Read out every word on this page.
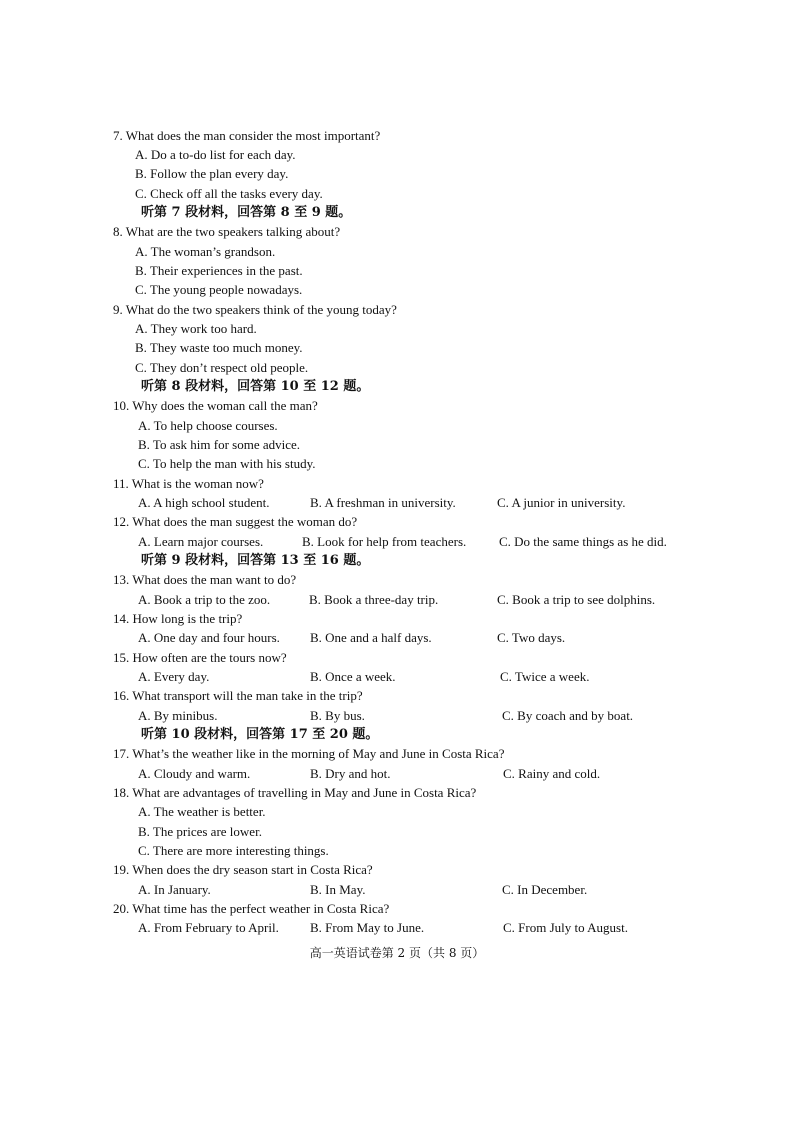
7. What does the man consider the most important?
A. Do a to-do list for each day.
B. Follow the plan every day.
C. Check off all the tasks every day.
听第 7 段材料，回答第 8 至 9 题。
8. What are the two speakers talking about?
A. The woman’s grandson.
B. Their experiences in the past.
C. The young people nowadays.
9. What do the two speakers think of the young today?
A. They work too hard.
B. They waste too much money.
C. They don’t respect old people.
听第 8 段材料，回答第 10 至 12 题。
10. Why does the woman call the man?
A. To help choose courses.
B. To ask him for some advice.
C. To help the man with his study.
11. What is the woman now?
A. A high school student.	B. A freshman in university.	C. A junior in university.
12. What does the man suggest the woman do?
A. Learn major courses.	B. Look for help from teachers.	C. Do the same things as he did.
听第 9 段材料，回答第 13 至 16 题。
13. What does the man want to do?
A. Book a trip to the zoo.	B. Book a three-day trip.	C. Book a trip to see dolphins.
14. How long is the trip?
A. One day and four hours. B. One and a half days.	C. Two days.
15. How often are the tours now?
A. Every day.	B. Once a week.	C. Twice a week.
16. What transport will the man take in the trip?
A. By minibus.	B. By bus.	C. By coach and by boat.
听第 10 段材料，回答第 17 至 20 题。
17. What’s the weather like in the morning of May and June in Costa Rica?
A. Cloudy and warm.	B. Dry and hot.	C. Rainy and cold.
18. What are advantages of travelling in May and June in Costa Rica?
A. The weather is better.
B. The prices are lower.
C. There are more interesting things.
19. When does the dry season start in Costa Rica?
A. In January.	B. In May.	C. In December.
20. What time has the perfect weather in Costa Rica?
A. From February to April. B. From May to June.	C. From July to August.
高一英语试卷第 2 页（共 8 页）
